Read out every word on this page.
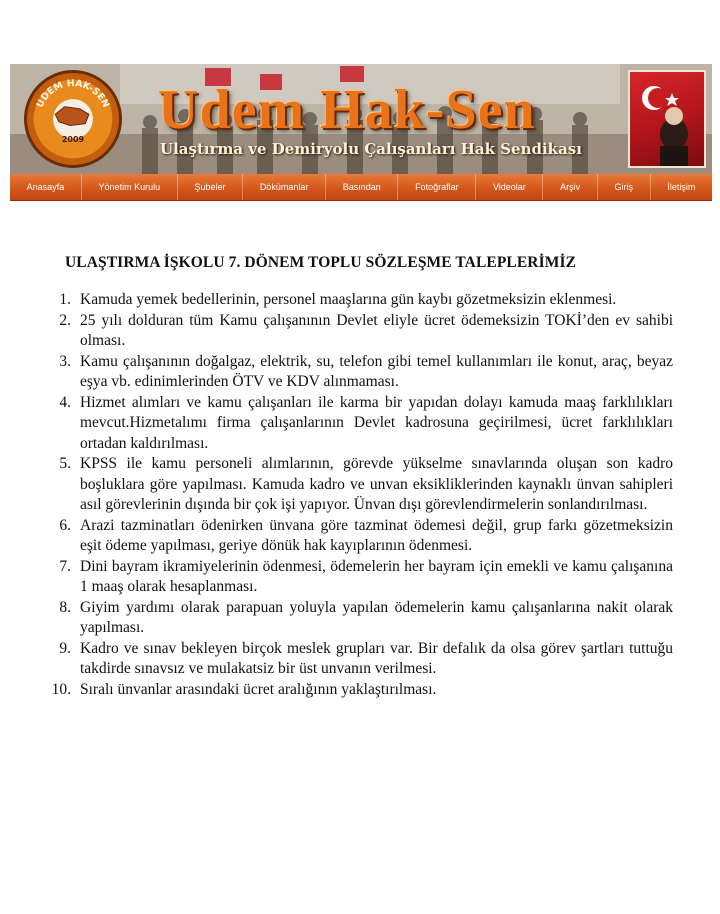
UDEM HAK-SEN
2009	Udem Hak-Sen
Ulaştırma ve Demiryolu Çalışanları Hak Sendikası
Anasayfa	Yönetim Kurulu	Şubeler	Dökümanlar	Basından	Fotoğraflar	Videolar	Arşiv	Giriş	İletişim
ULAŞTIRMA İŞKOLU 7. DÖNEM TOPLU SÖZLEŞME TALEPLERİMİZ
1. Kamuda yemek bedellerinin, personel maaşlarına gün kaybı gözetmeksizin eklenmesi.
2. 25 yılı dolduran tüm Kamu çalışanının Devlet eliyle ücret ödemeksizin TOKİ’den ev sahibi olması.
3. Kamu çalışanının doğalgaz, elektrik, su, telefon gibi temel kullanımları ile konut, araç, beyaz eşya vb. edinimlerinden ÖTV ve KDV alınmaması.
4. Hizmet alımları ve kamu çalışanları ile karma bir yapıdan dolayı kamuda maaş farklılıkları mevcut.Hizmetalımı firma çalışanlarının Devlet kadrosuna geçirilmesi, ücret farklılıkları ortadan kaldırılması.
5. KPSS ile kamu personeli alımlarının, görevde yükselme sınavlarında oluşan son kadro boşluklara göre yapılması. Kamuda kadro ve unvan eksikliklerinden kaynaklı ünvan sahipleri asıl görevlerinin dışında bir çok işi yapıyor. Ünvan dışı görevlendirmelerin sonlandırılması.
6. Arazi tazminatları ödenirken ünvana göre tazminat ödemesi değil, grup farkı gözetmeksizin eşit ödeme yapılması, geriye dönük hak kayıplarının ödenmesi.
7. Dini bayram ikramiyelerinin ödenmesi, ödemelerin her bayram için emekli ve kamu çalışanına 1 maaş olarak hesaplanması.
8. Giyim yardımı olarak parapuan yoluyla yapılan ödemelerin kamu çalışanlarına nakit olarak yapılması.
9. Kadro ve sınav bekleyen birçok meslek grupları var. Bir defalık da olsa görev şartları tuttuğu takdirde sınavsız ve mulakatsiz bir üst unvanın verilmesi.
10. Sıralı ünvanlar arasındaki ücret aralığının yaklaştırılması.
